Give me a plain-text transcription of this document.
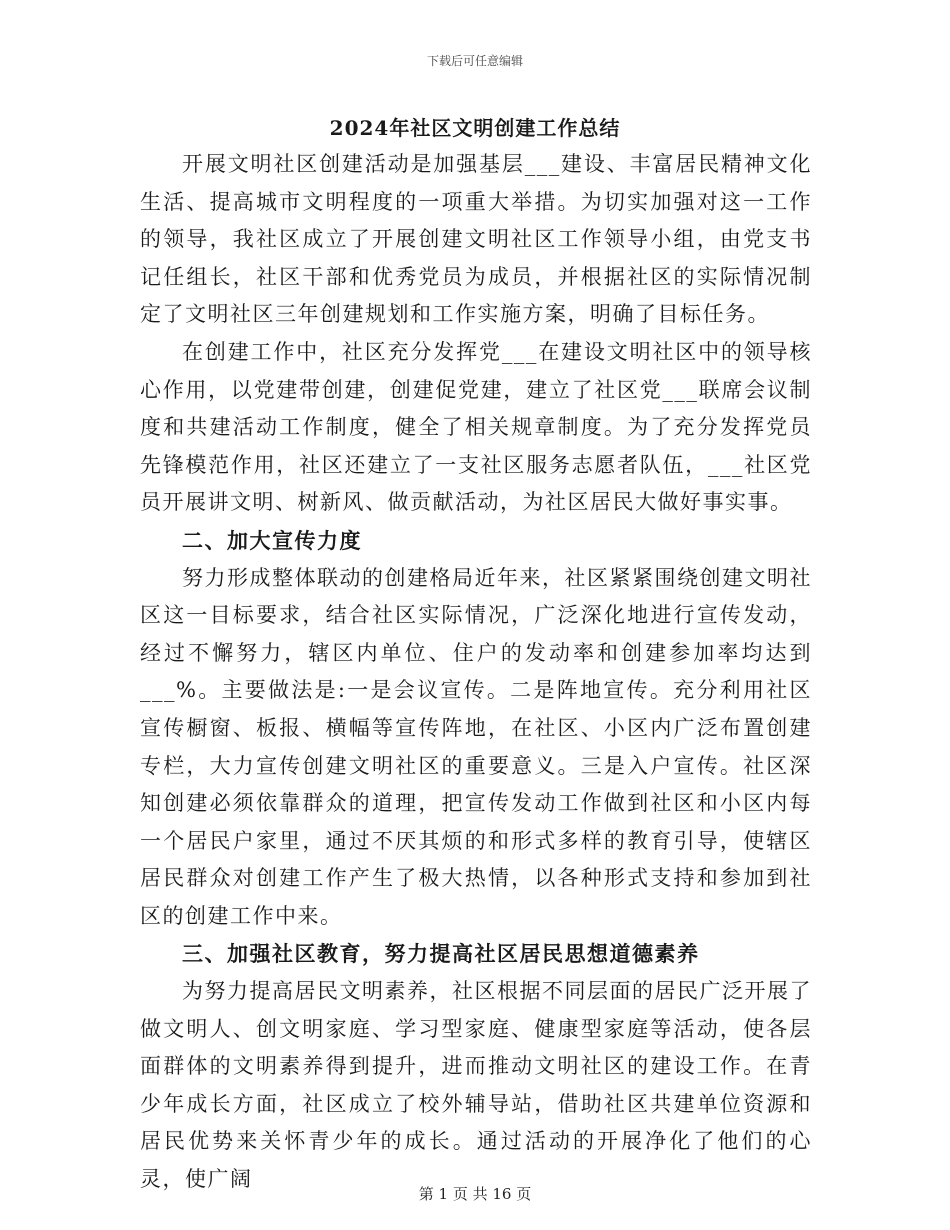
下载后可任意编辑
2024年社区文明创建工作总结

开展文明社区创建活动是加强基层___建设、丰富居民精神文化生活、提高城市文明程度的一项重大举措。为切实加强对这一工作的领导，我社区成立了开展创建文明社区工作领导小组，由党支书记任组长，社区干部和优秀党员为成员，并根据社区的实际情况制定了文明社区三年创建规划和工作实施方案，明确了目标任务。

在创建工作中，社区充分发挥党___在建设文明社区中的领导核心作用，以党建带创建，创建促党建，建立了社区党___联席会议制度和共建活动工作制度，健全了相关规章制度。为了充分发挥党员先锋模范作用，社区还建立了一支社区服务志愿者队伍，___社区党员开展讲文明、树新风、做贡献活动，为社区居民大做好事实事。

二、加大宣传力度

努力形成整体联动的创建格局近年来，社区紧紧围绕创建文明社区这一目标要求，结合社区实际情况，广泛深化地进行宣传发动，经过不懈努力，辖区内单位、住户的发动率和创建参加率均达到___%。主要做法是:一是会议宣传。二是阵地宣传。充分利用社区宣传橱窗、板报、横幅等宣传阵地，在社区、小区内广泛布置创建专栏，大力宣传创建文明社区的重要意义。三是入户宣传。社区深知创建必须依靠群众的道理，把宣传发动工作做到社区和小区内每一个居民户家里，通过不厌其烦的和形式多样的教育引导，使辖区居民群众对创建工作产生了极大热情，以各种形式支持和参加到社区的创建工作中来。

三、加强社区教育，努力提高社区居民思想道德素养

为努力提高居民文明素养，社区根据不同层面的居民广泛开展了做文明人、创文明家庭、学习型家庭、健康型家庭等活动，使各层面群体的文明素养得到提升，进而推动文明社区的建设工作。在青少年成长方面，社区成立了校外辅导站，借助社区共建单位资源和居民优势来关怀青少年的成长。通过活动的开展净化了他们的心灵，使广阔

第 1 页 共 16 页
